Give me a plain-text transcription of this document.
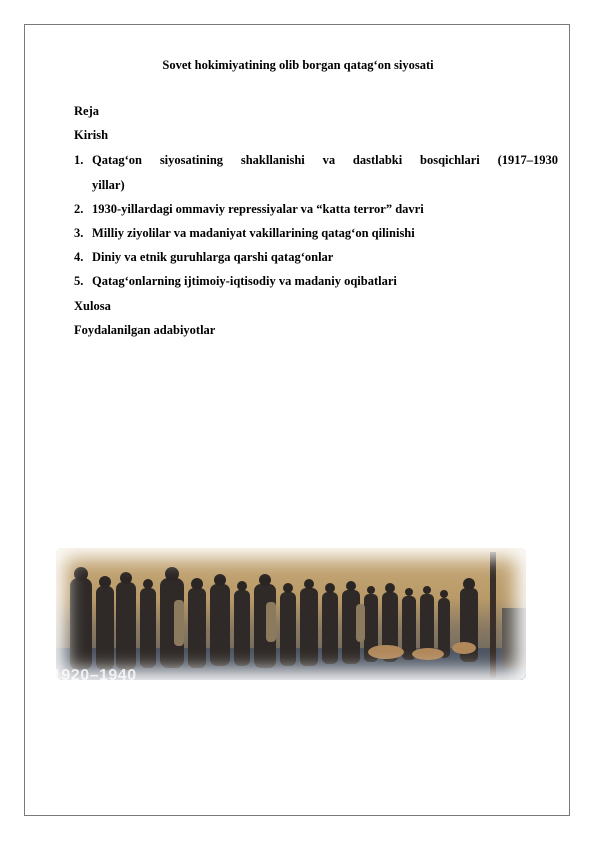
Sovet hokimiyatining olib borgan qatag‘on siyosati
Reja
Kirish
1. Qatag‘on siyosatining shakllanishi va dastlabki bosqichlari (1917–1930
yillar)
2. 1930-yillardagi ommaviy repressiyalar va “katta terror” davri
3. Milliy ziyolilar va madaniyat vakillarining qatag‘on qilinishi
4. Diniy va etnik guruhlarga qarshi qatag‘onlar
5. Qatag‘onlarning ijtimoiy-iqtisodiy va madaniy oqibatlari
Xulosa
Foydalanilgan adabiyotlar
1920–1940
